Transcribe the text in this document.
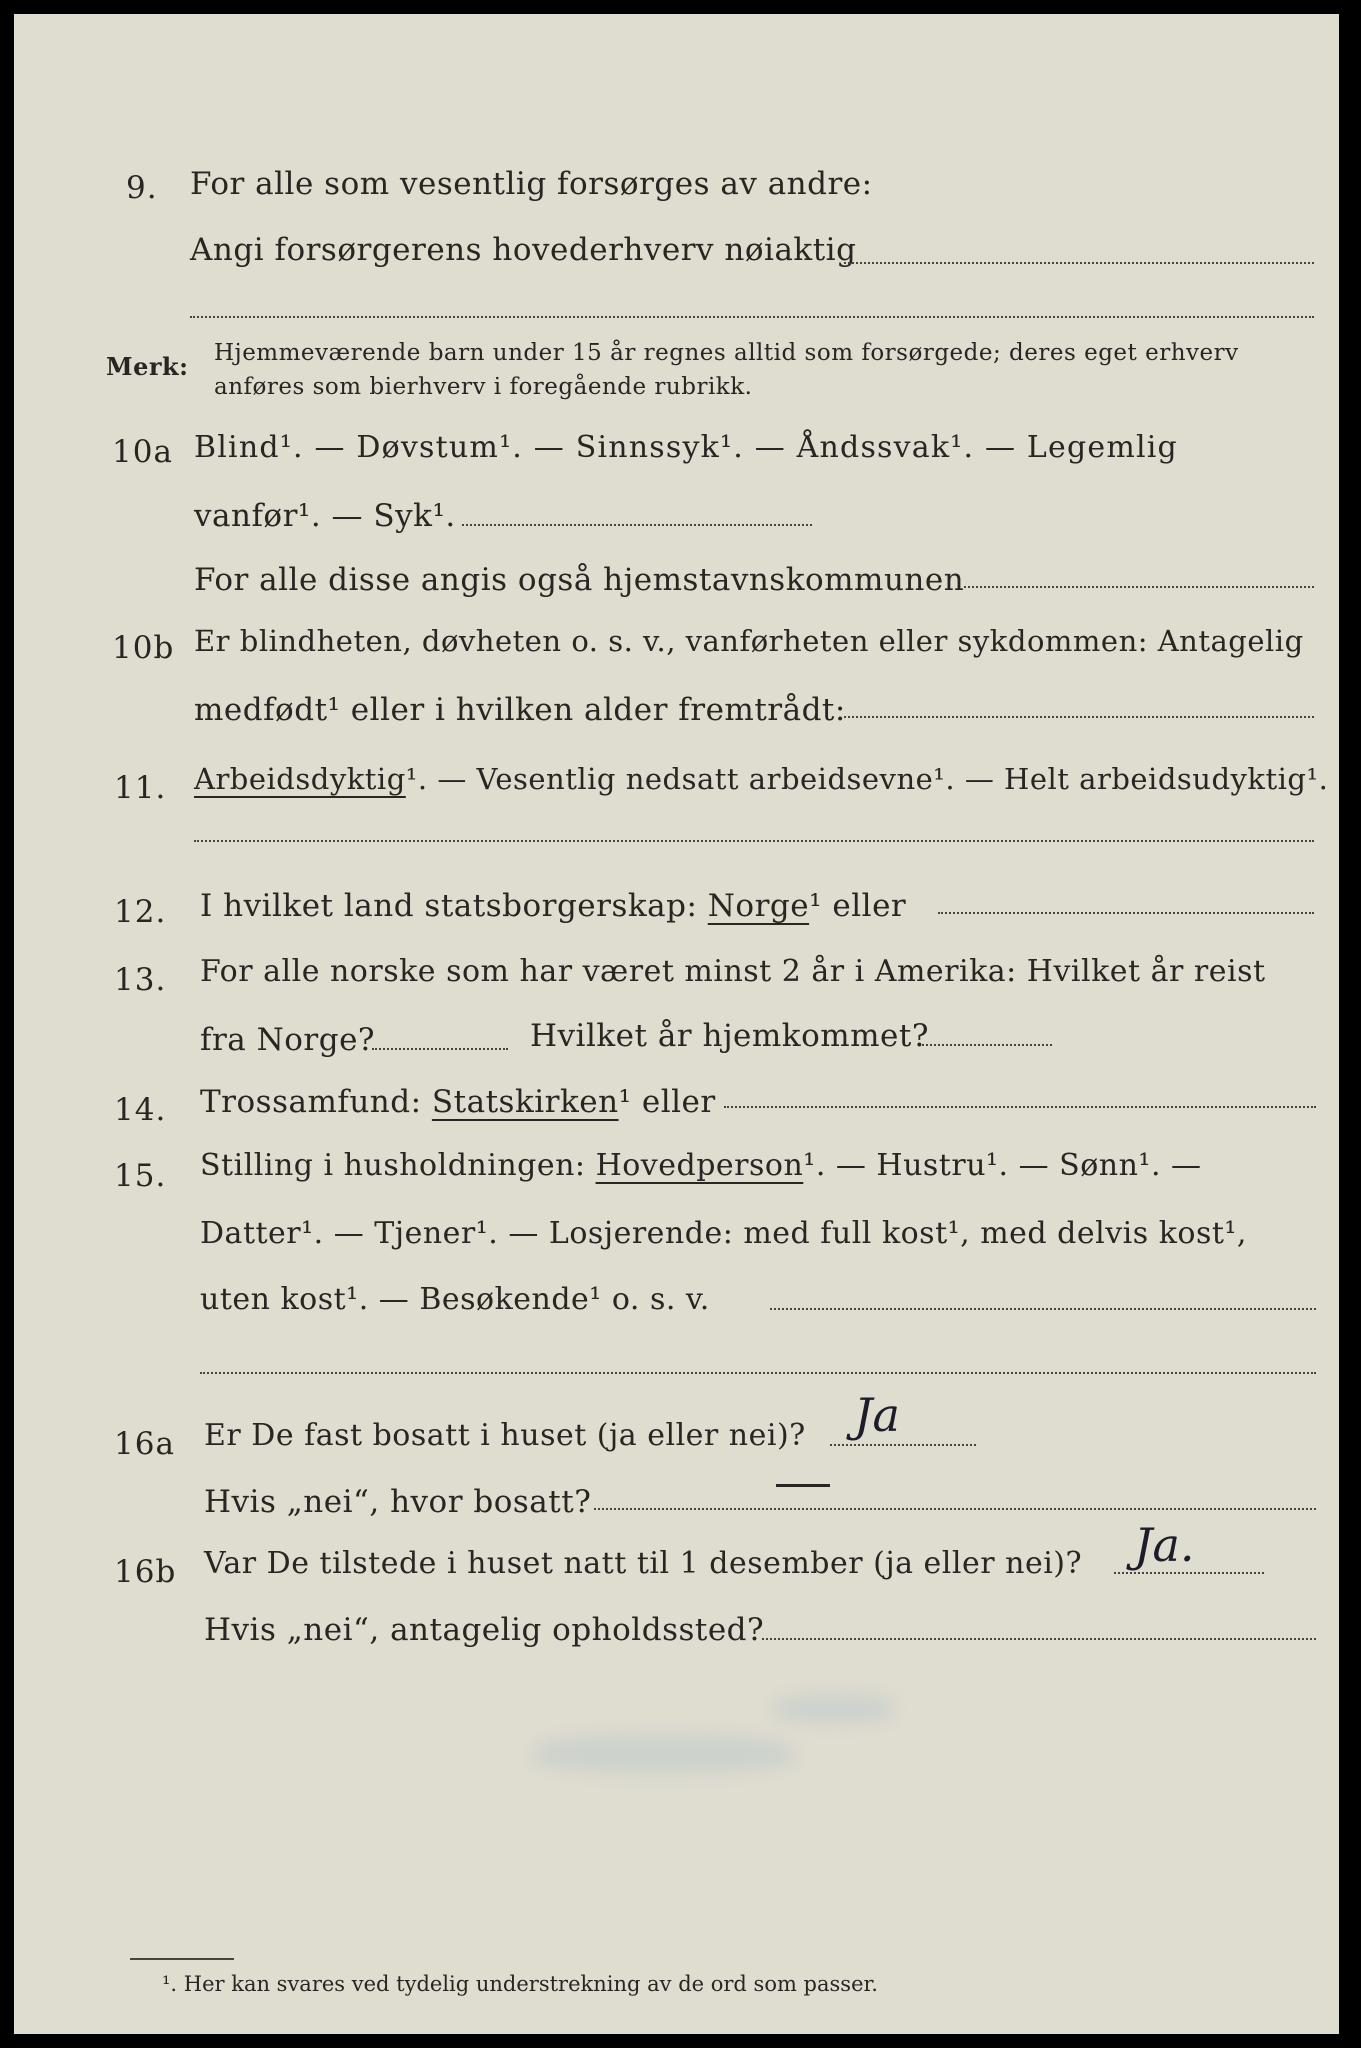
9. For alle som vesentlig forsørges av andre:
Angi forsørgerens hovederhverv nøiaktig
Merk: Hjemmeværende barn under 15 år regnes alltid som forsørgede; deres eget erhverv
anføres som bierhverv i foregående rubrikk.
10a Blind¹. — Døvstum¹. — Sinnssyk¹. — Åndssvak¹. — Legemlig
vanfør¹. — Syk¹.
For alle disse angis også hjemstavnskommunen
10b Er blindheten, døvheten o. s. v., vanførheten eller sykdommen: Antagelig
medfødt¹ eller i hvilken alder fremtrådt:
11. Arbeidsdyktig¹. — Vesentlig nedsatt arbeidsevne¹. — Helt arbeidsudyktig¹.
12. I hvilket land statsborgerskap: Norge¹ eller
13. For alle norske som har været minst 2 år i Amerika: Hvilket år reist
fra Norge?	Hvilket år hjemkommet?
14. Trossamfund: Statskirken¹ eller
15. Stilling i husholdningen: Hovedperson¹. — Hustru¹. — Sønn¹. —
Datter¹. — Tjener¹. — Losjerende: med full kost¹, med delvis kost¹,
uten kost¹. — Besøkende¹ o. s. v.
16a Er De fast bosatt i huset (ja eller nei)? Ja
Hvis „nei“, hvor bosatt?
16b Var De tilstede i huset natt til 1 desember (ja eller nei)? Ja.
Hvis „nei“, antagelig opholdssted?
¹. Her kan svares ved tydelig understrekning av de ord som passer.
